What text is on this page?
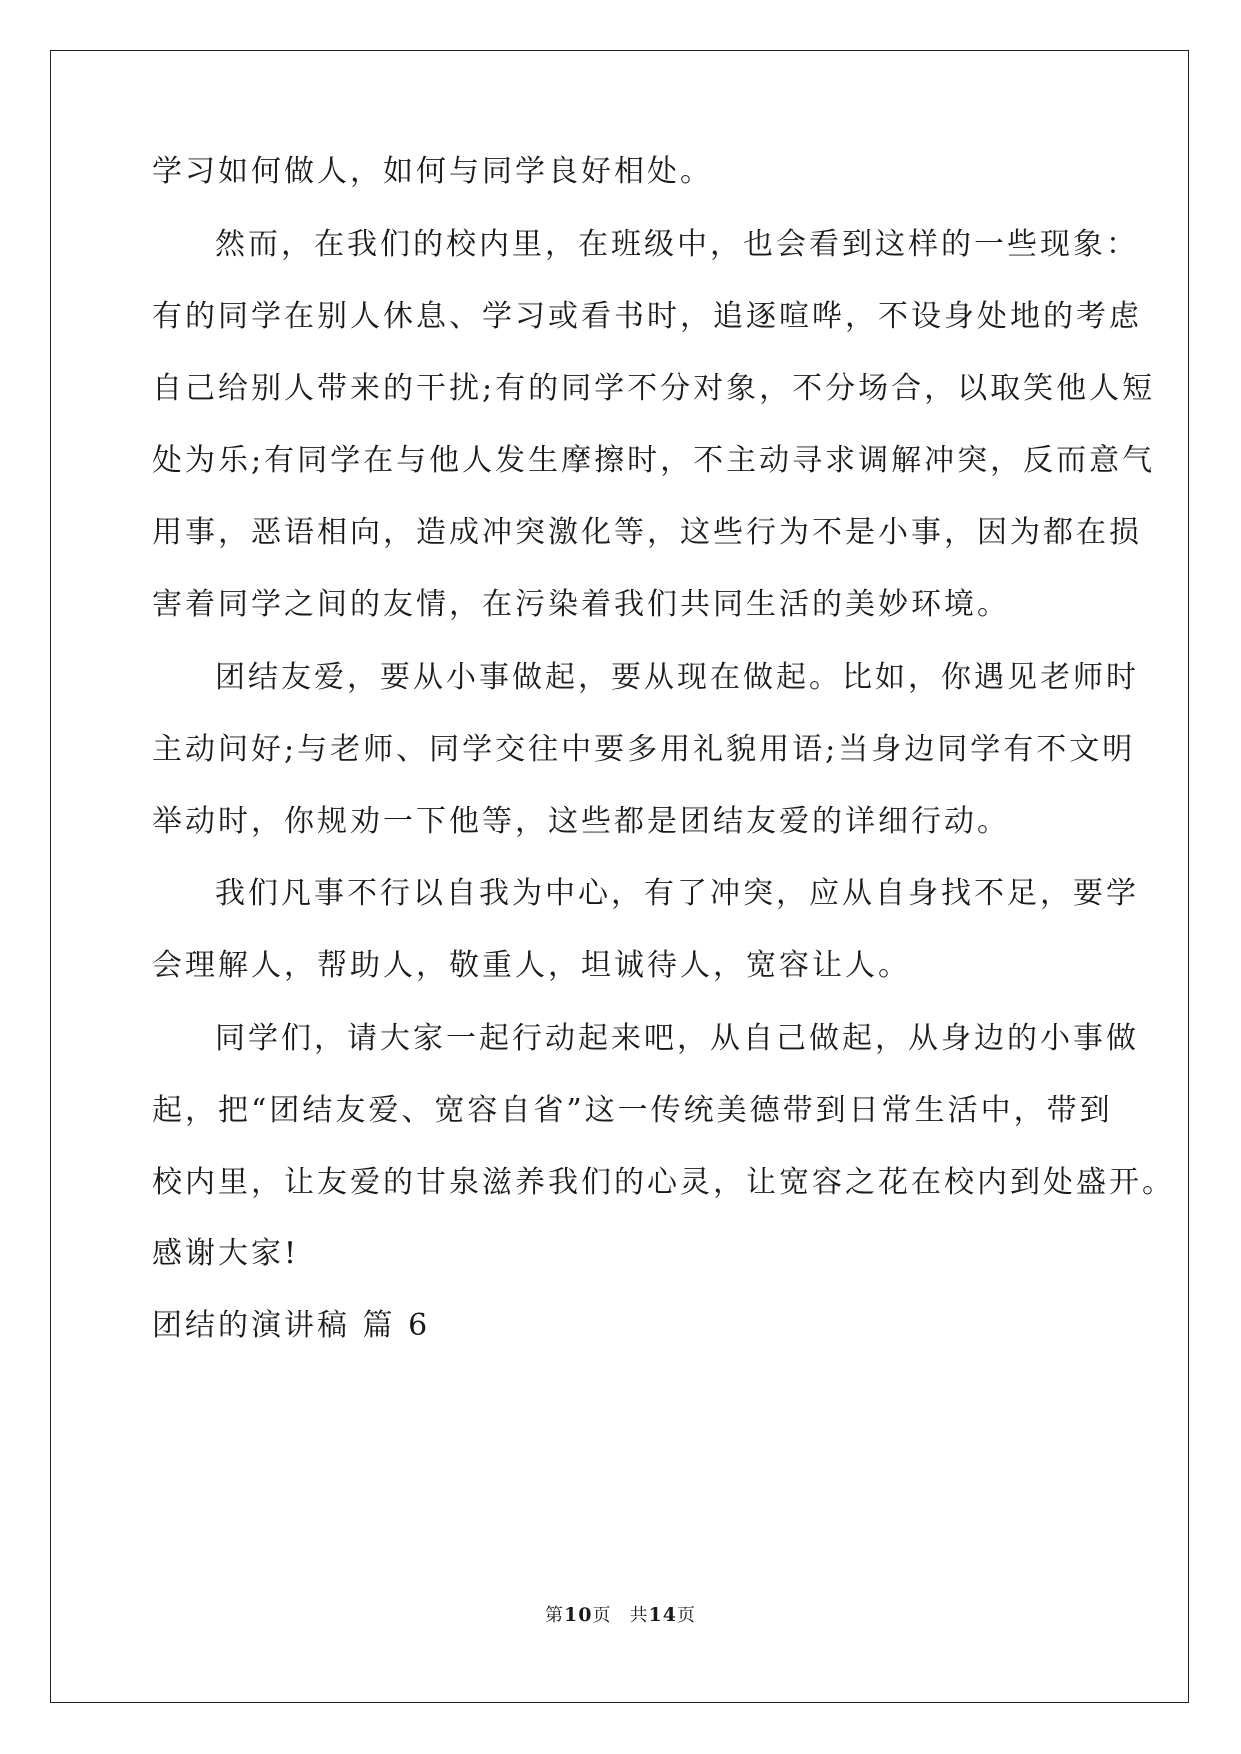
学习如何做人，如何与同学良好相处。
然而，在我们的校内里，在班级中，也会看到这样的一些现象：
有的同学在别人休息、学习或看书时，追逐喧哗，不设身处地的考虑
自己给别人带来的干扰;有的同学不分对象，不分场合，以取笑他人短
处为乐;有同学在与他人发生摩擦时，不主动寻求调解冲突，反而意气
用事，恶语相向，造成冲突激化等，这些行为不是小事，因为都在损
害着同学之间的友情，在污染着我们共同生活的美妙环境。
团结友爱，要从小事做起，要从现在做起。比如，你遇见老师时
主动问好;与老师、同学交往中要多用礼貌用语;当身边同学有不文明
举动时，你规劝一下他等，这些都是团结友爱的详细行动。
我们凡事不行以自我为中心，有了冲突，应从自身找不足，要学
会理解人，帮助人，敬重人，坦诚待人，宽容让人。
同学们，请大家一起行动起来吧，从自己做起，从身边的小事做
起，把“团结友爱、宽容自省”这一传统美德带到日常生活中，带到
校内里，让友爱的甘泉滋养我们的心灵，让宽容之花在校内到处盛开。
感谢大家!
团结的演讲稿 篇 6
第10页 共14页
